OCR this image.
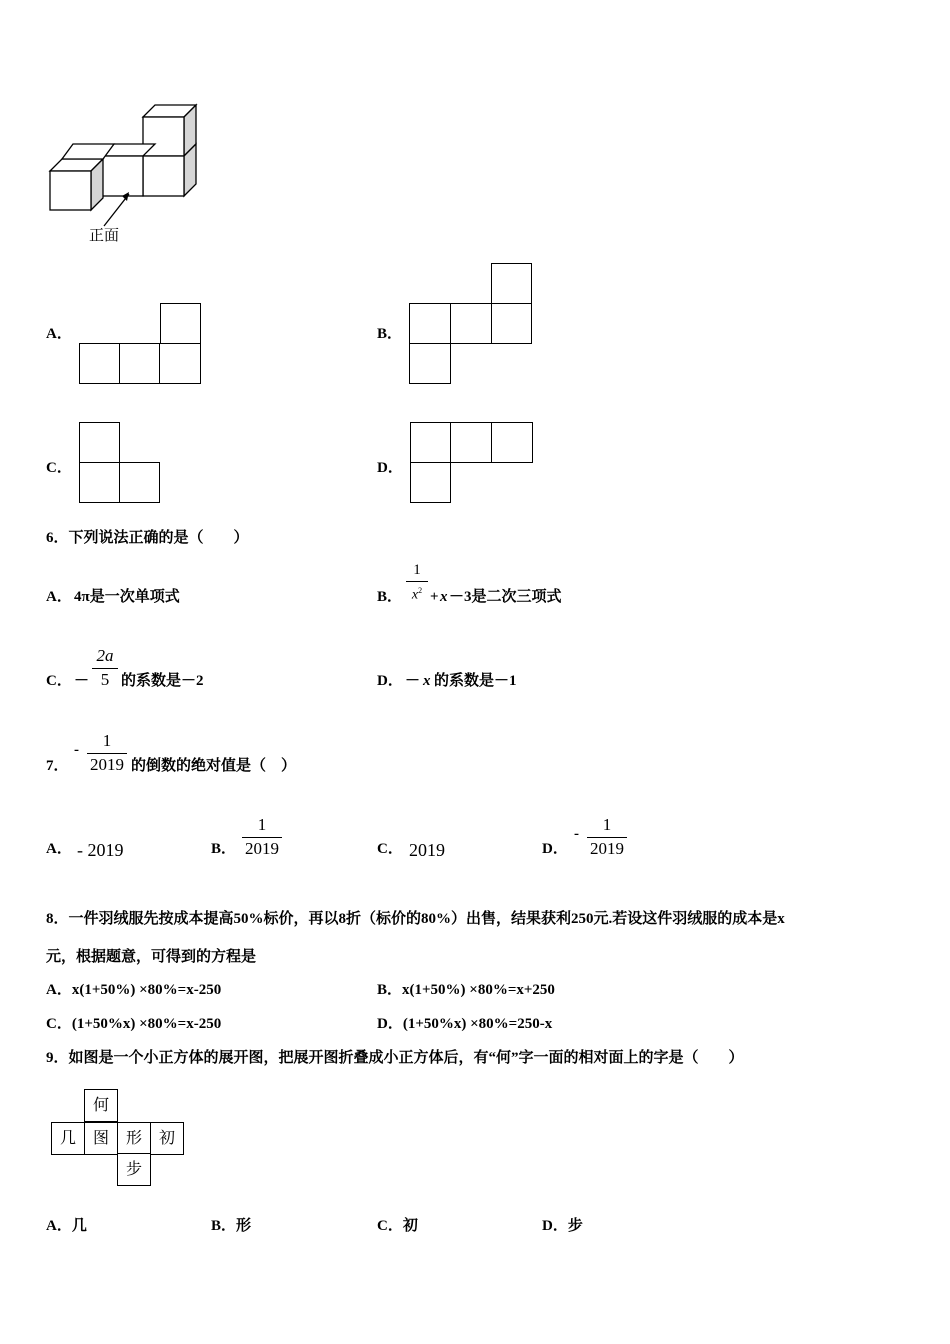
正面
A．	B．
C．	D．
6．下列说法正确的是（　　）
A． 4π是一次单项式	B．
1
$x^2 + x -3$是二次三项式
C． －
2a
5 的系数是－2	D． － x 的系数是－1
7．
-	1
2019 的倒数的绝对值是（　）
A． - 2019	B．
1
2019	C． 2019	D．
-	1
2019
8．一件羽绒服先按成本提高50%标价，再以8折（标价的80%）出售，结果获利250元.若设这件羽绒服的成本是x
元，根据题意，可得到的方程是
A．x(1+50%) ×80%=x-250	B．x(1+50%) ×80%=x+250
C．(1+50%x) ×80%=x-250	D．(1+50%x) ×80%=250-x
9．如图是一个小正方体的展开图，把展开图折叠成小正方体后，有“何”字一面的相对面上的字是（　　）
何
几	图	形	初
步
A．几	B．形	C．初	D．步
